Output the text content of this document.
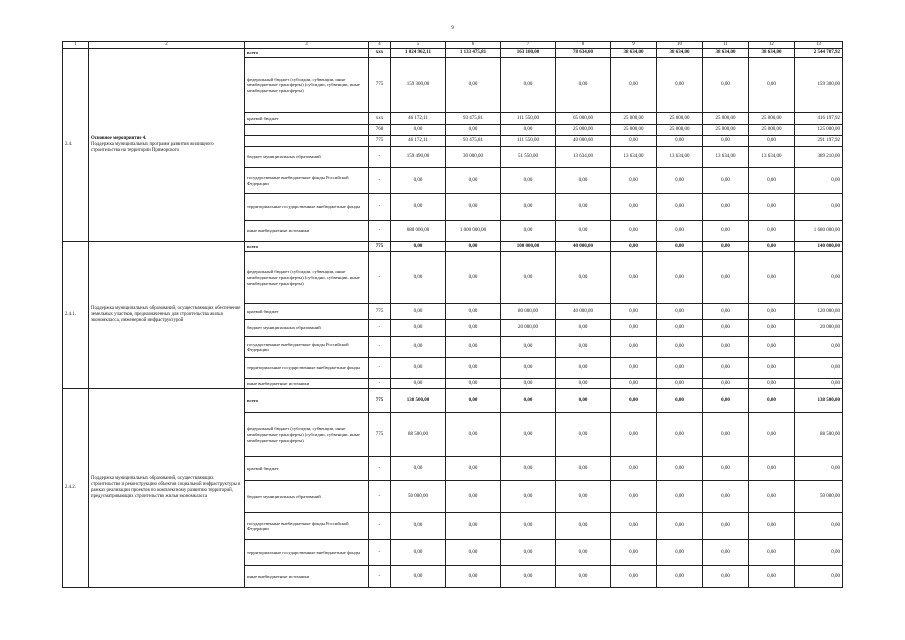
9
1	2	3	4	5	6	7	8	9	10	11	12	13
2.4.	Основное мероприятие 4.
Поддержка муниципальных программ развития жилищного строительства на территории Приморского	всего	ххх	1 024 962,11	1 133 475,81	163 100,00	78 634,00	38 634,00	38 634,00	38 634,00	38 634,00	2 544 707,92
		федеральный бюджет (субсидии, субвенции, иные межбюджетные трансферты) (субсидии, субвенции, иные межбюджетные трансферты)	775	159 300,00	0,00	0,00	0,00	0,00	0,00	0,00	0,00	159 300,00
		краевой бюджет	ххх	46 172,11	93 475,81	111 550,00	65 000,00	25 000,00	25 000,00	25 000,00	25 000,00	416 197,92
			768	0,00	0,00	0,00	25 000,00	25 000,00	25 000,00	25 000,00	25 000,00	125 000,00
			775	46 172,11	93 475,81	111 550,00	40 000,00	0,00	0,00	0,00	0,00	291 197,92
		бюджет муниципальных образований	-	159 490,00	30 000,00	51 550,00	13 634,00	13 634,00	13 634,00	13 634,00	13 634,00	389 210,00
		государственные внебюджетные фонды Российской Федерации	-	0,00	0,00	0,00	0,00	0,00	0,00	0,00	0,00	0,00
		территориальные государственные внебюджетные фонды	-	0,00	0,00	0,00	0,00	0,00	0,00	0,00	0,00	0,00
		иные внебюджетные источники	-	680 000,00	1 000 000,00	0,00	0,00	0,00	0,00	0,00	0,00	1 680 000,00
2.4.1.	Поддержка муниципальных образований, осуществляющих обеспечение земельных участков, предназначенных для строительства жилья экономкласса, инженерной инфраструктурой	всего	775	0,00	0,00	100 000,00	40 000,00	0,00	0,00	0,00	0,00	140 000,00
		федеральный бюджет (субсидии, субвенции, иные межбюджетные трансферты) (субсидии, субвенции, иные межбюджетные трансферты)	-	0,00	0,00	0,00	0,00	0,00	0,00	0,00	0,00	0,00
		краевой бюджет	775	0,00	0,00	80 000,00	40 000,00	0,00	0,00	0,00	0,00	120 000,00
		бюджет муниципальных образований	-	0,00	0,00	20 000,00	0,00	0,00	0,00	0,00	0,00	20 000,00
		государственные внебюджетные фонды Российской Федерации	-	0,00	0,00	0,00	0,00	0,00	0,00	0,00	0,00	0,00
		территориальные государственные внебюджетные фонды	-	0,00	0,00	0,00	0,00	0,00	0,00	0,00	0,00	0,00
		иные внебюджетные источники	-	0,00	0,00	0,00	0,00	0,00	0,00	0,00	0,00	0,00
2.4.2.	Поддержка муниципальных образований, осуществляющих строительство и реконструкцию объектов социальной инфраструктуры в рамках реализации проектов по комплексному развитию территорий, предусматривающих строительство жилья экономкласса	всего	775	138 500,00	0,00	0,00	0,00	0,00	0,00	0,00	0,00	138 500,00
		федеральный бюджет (субсидии, субвенции, иные межбюджетные трансферты) (субсидии, субвенции, иные межбюджетные трансферты)	775	88 500,00	0,00	0,00	0,00	0,00	0,00	0,00	0,00	88 500,00
		краевой бюджет	-	0,00	0,00	0,00	0,00	0,00	0,00	0,00	0,00	0,00
		бюджет муниципальных образований	-	50 000,00	0,00	0,00	0,00	0,00	0,00	0,00	0,00	50 000,00
		государственные внебюджетные фонды Российской Федерации	-	0,00	0,00	0,00	0,00	0,00	0,00	0,00	0,00	0,00
		территориальные государственные внебюджетные фонды	-	0,00	0,00	0,00	0,00	0,00	0,00	0,00	0,00	0,00
		иные внебюджетные источники	-	0,00	0,00	0,00	0,00	0,00	0,00	0,00	0,00	0,00
